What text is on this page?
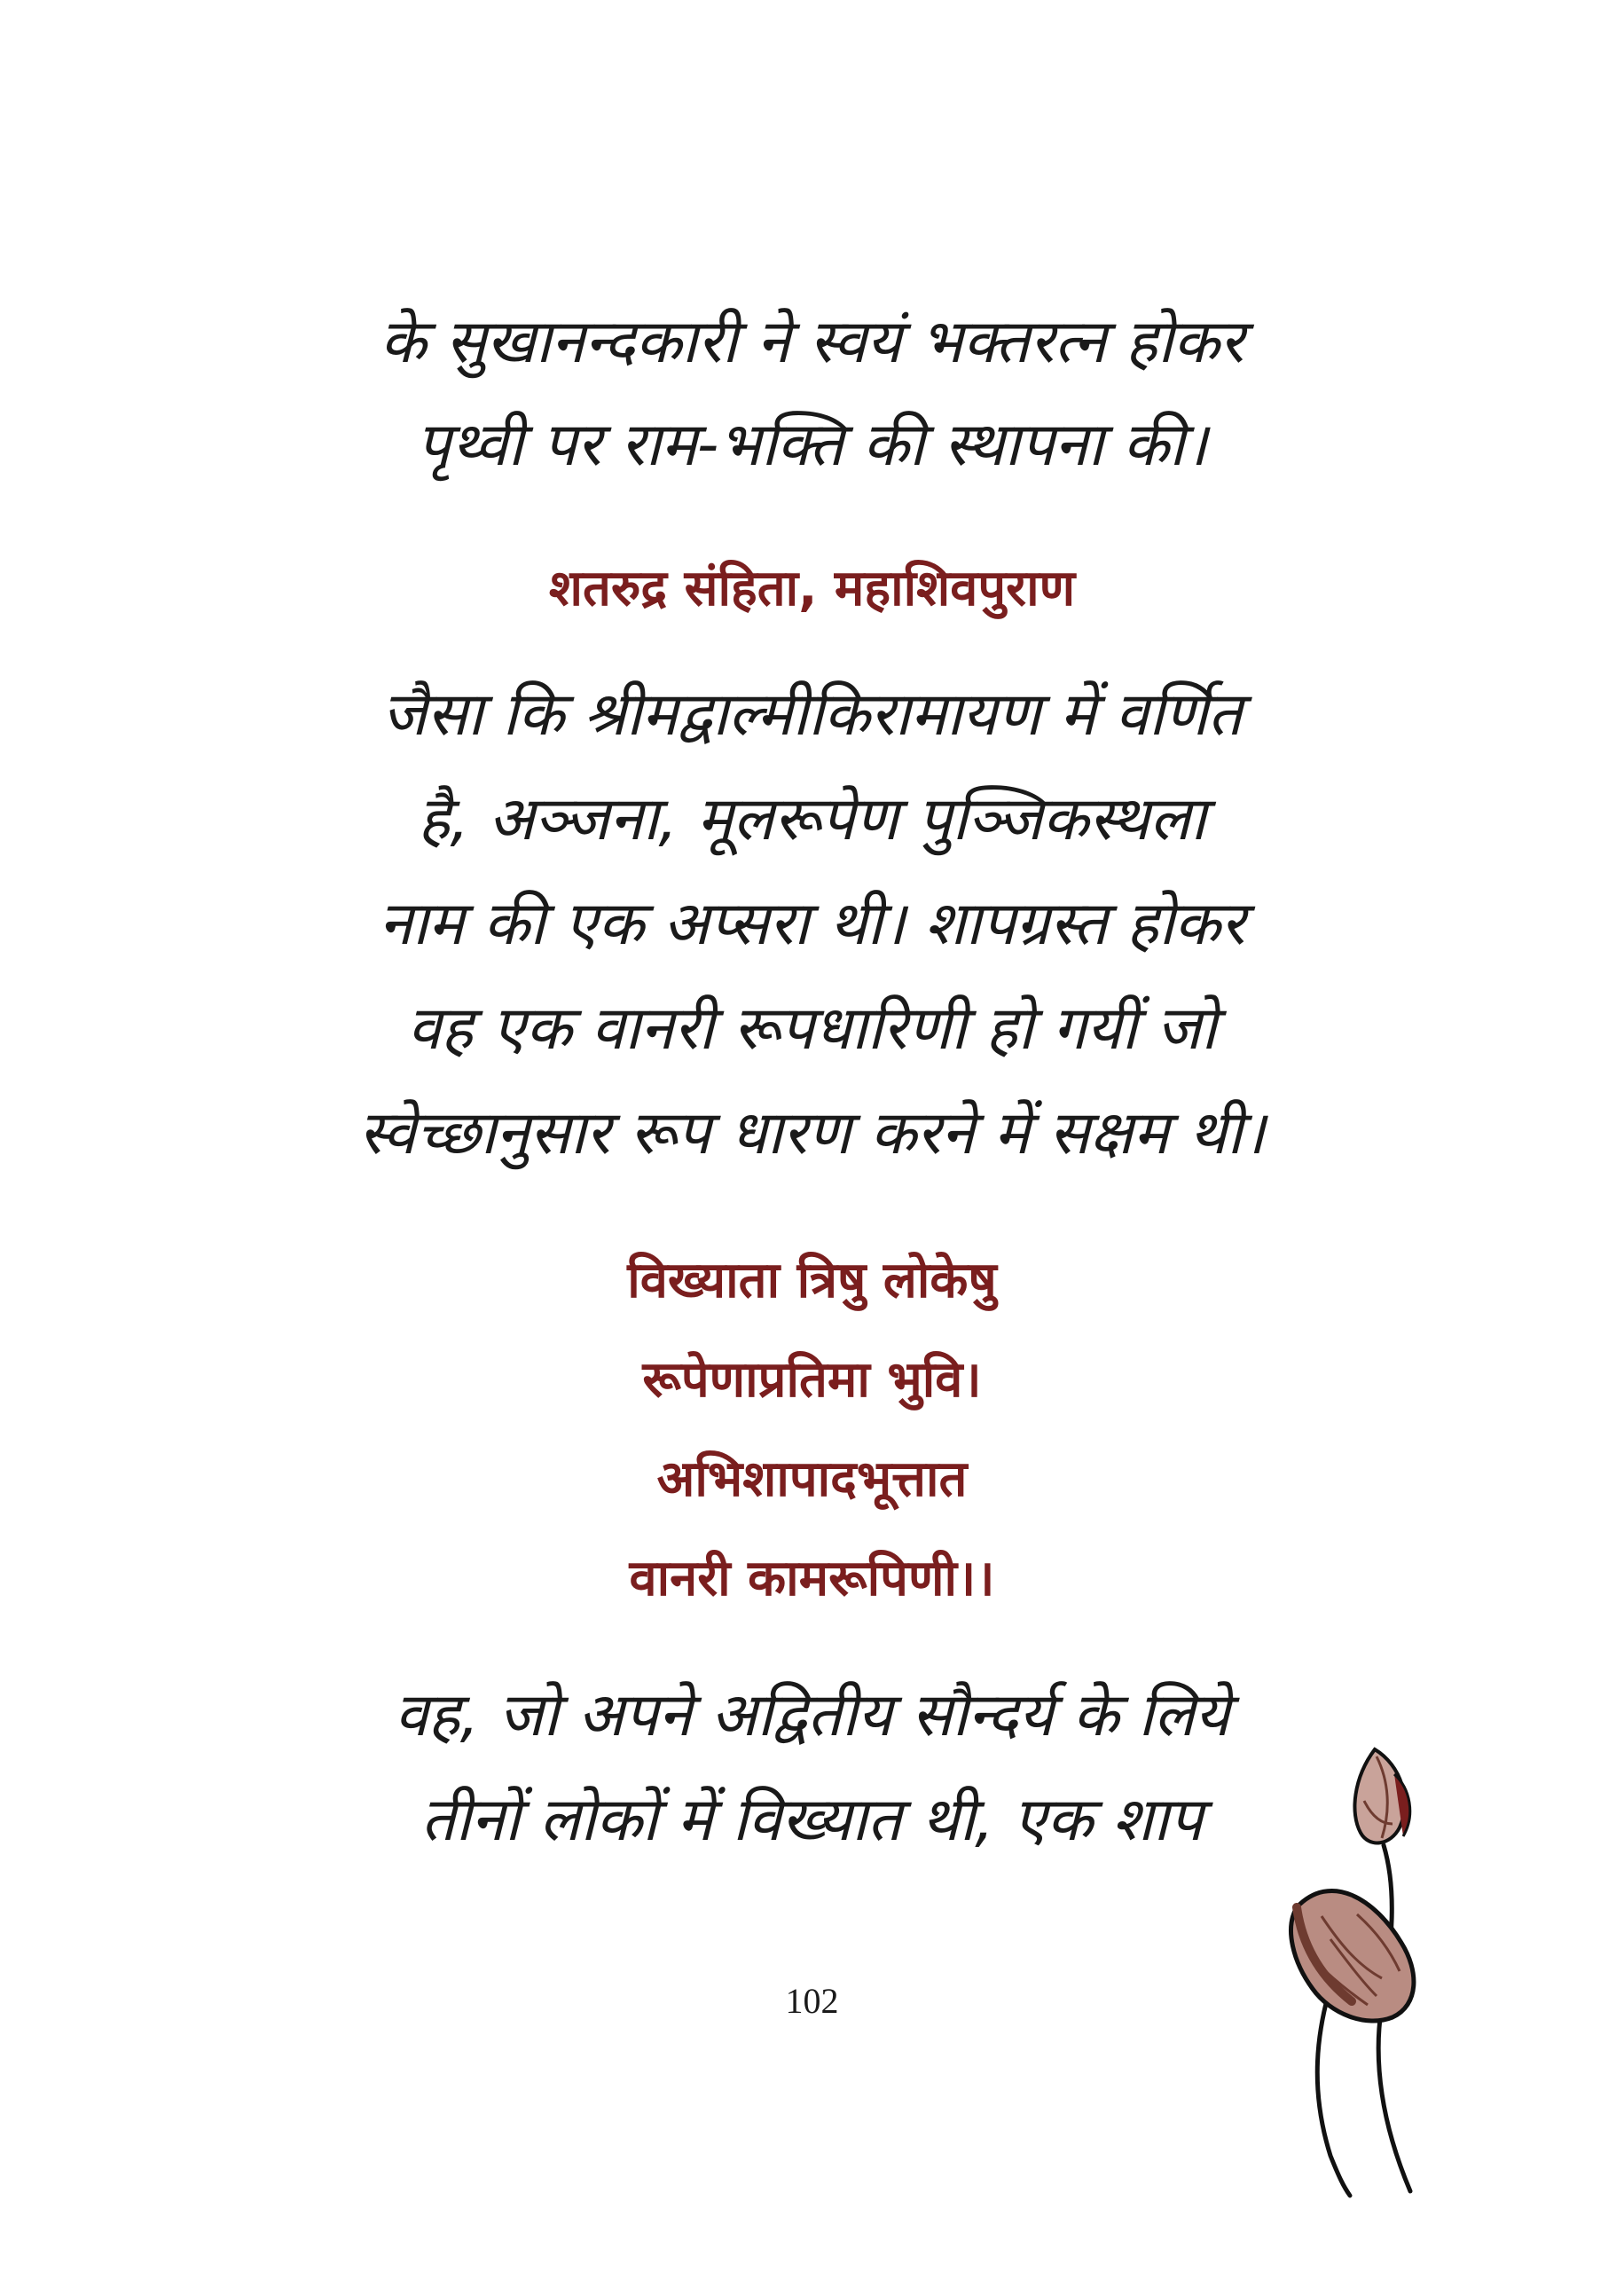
के सुखानन्दकारी ने स्वयं भक्तरत्न होकर
पृथ्वी पर राम-भक्ति की स्थापना की।
शतरुद्र संहिता, महाशिवपुराण
जैसा कि श्रीमद्वाल्मीकिरामायण में वर्णित
है, अञ्जना, मूलरूपेण पुञ्जिकस्थला
नाम की एक अप्सरा थी। शापग्रस्त होकर
वह एक वानरी रूपधारिणी हो गयीं जो
स्वेच्छानुसार रूप धारण करने में सक्षम थी।
विख्याता त्रिषु लोकेषु
रूपेणाप्रतिमा भुवि।
अभिशापादभूत्तात
वानरी कामरूपिणी।।
वह, जो अपने अद्वितीय सौन्दर्य के लिये
तीनों लोकों में विख्यात थी, एक शाप
102
